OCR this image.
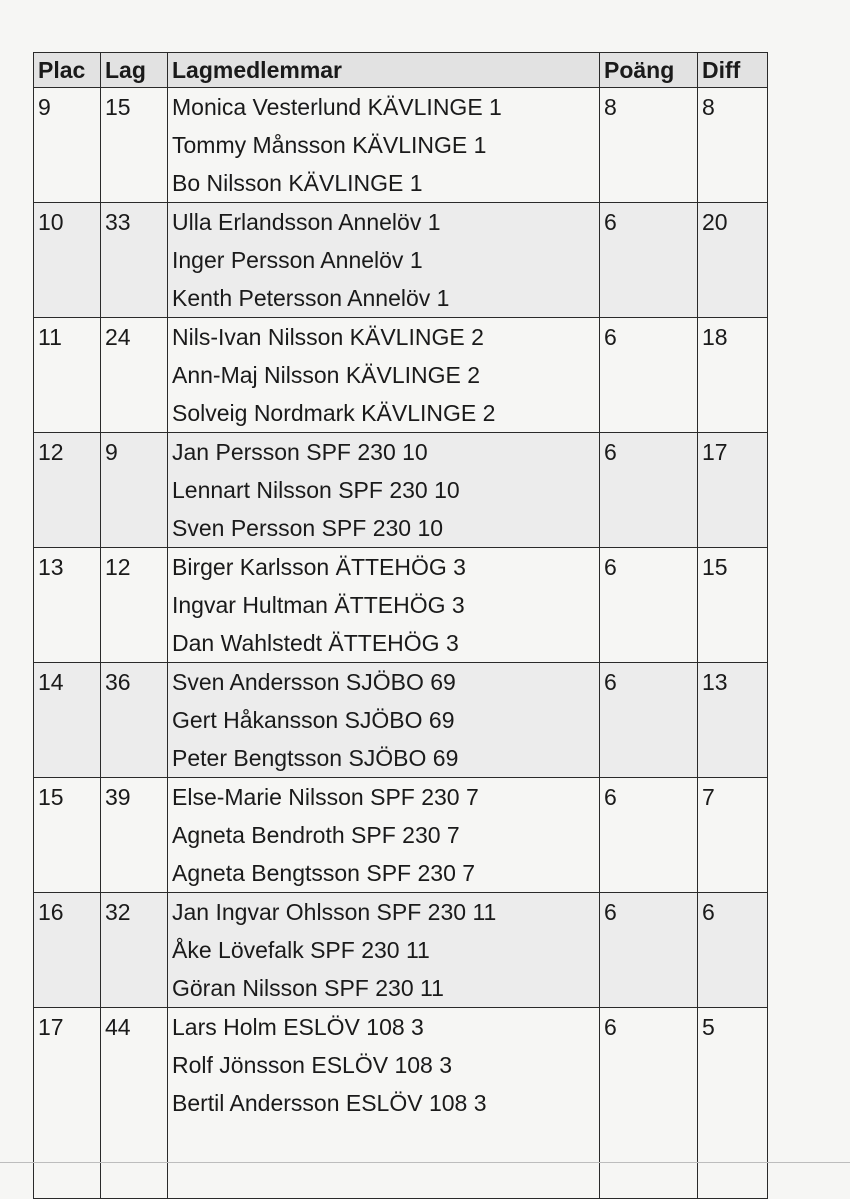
Plac	Lag	Lagmedlemmar	Poäng	Diff
9	15	Monica Vesterlund KÄVLINGE 1
Tommy Månsson KÄVLINGE 1
Bo Nilsson KÄVLINGE 1	8	8
10	33	Ulla Erlandsson Annelöv 1
Inger Persson Annelöv 1
Kenth Petersson Annelöv 1	6	20
11	24	Nils-Ivan Nilsson KÄVLINGE 2
Ann-Maj Nilsson KÄVLINGE 2
Solveig Nordmark KÄVLINGE 2	6	18
12	9	Jan Persson SPF 230 10
Lennart Nilsson SPF 230 10
Sven Persson SPF 230 10	6	17
13	12	Birger Karlsson ÄTTEHÖG 3
Ingvar Hultman ÄTTEHÖG 3
Dan Wahlstedt ÄTTEHÖG 3	6	15
14	36	Sven Andersson SJÖBO 69
Gert Håkansson SJÖBO 69
Peter Bengtsson SJÖBO 69	6	13
15	39	Else-Marie Nilsson SPF 230 7
Agneta Bendroth SPF 230 7
Agneta Bengtsson SPF 230 7	6	7
16	32	Jan Ingvar Ohlsson SPF 230 11
Åke Lövefalk SPF 230 11
Göran Nilsson SPF 230 11	6	6
17	44	Lars Holm ESLÖV 108 3
Rolf Jönsson ESLÖV 108 3
Bertil Andersson ESLÖV 108 3	6	5
